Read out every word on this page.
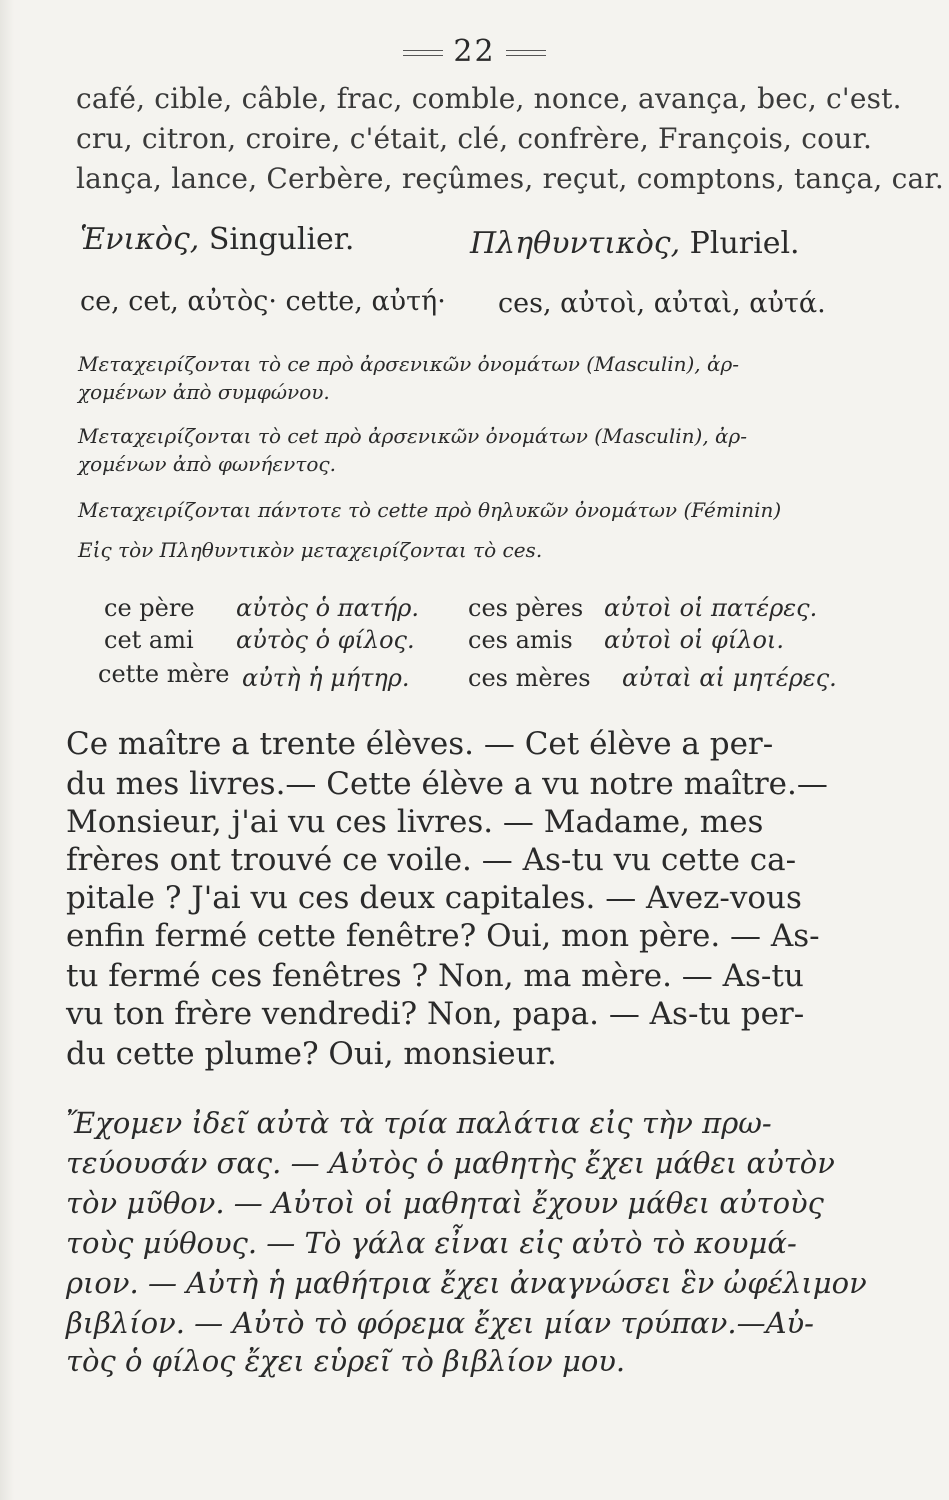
22
café, cible, câble, frac, comble, nonce, avança, bec, c'est.
cru, citron, croire, c'était, clé, confrère, François, cour.
lança, lance, Cerbère, reçûmes, reçut, comptons, tança, car.
Ἑνικὸς, Singulier.	Πληθυντικὸς, Pluriel.
ce, cet, αὐτὸς· cette, αὐτή· ces, αὐτοὶ, αὐταὶ, αὐτά.
Μεταχειρίζονται τὸ ce πρὸ ἀρσενικῶν ὀνομάτων (Masculin), ἀρ-
χομένων ἀπὸ συμφώνου.
Μεταχειρίζονται τὸ cet πρὸ ἀρσενικῶν ὀνομάτων (Masculin), ἀρ-
χομένων ἀπὸ φωνήεντος.
Μεταχειρίζονται πάντοτε τὸ cette πρὸ θηλυκῶν ὀνομάτων (Féminin)
Εἰς τὸν Πληθυντικὸν μεταχειρίζονται τὸ ces.
ce père αὐτὸς ὁ πατήρ. ces pères αὐτοὶ οἱ πατέρες.
cet ami αὐτὸς ὁ φίλος. ces amis αὐτοὶ οἱ φίλοι.
cette mère αὐτὴ ἡ μήτηρ. ces mères αὐταὶ αἱ μητέρες.
Ce maître a trente élèves. — Cet élève a per-
du mes livres.— Cette élève a vu notre maître.—
Monsieur, j'ai vu ces livres. — Madame, mes
frères ont trouvé ce voile. — As-tu vu cette ca-
pitale ? J'ai vu ces deux capitales. — Avez-vous
enfin fermé cette fenêtre? Oui, mon père. — As-
tu fermé ces fenêtres ? Non, ma mère. — As-tu
vu ton frère vendredi? Non, papa. — As-tu per-
du cette plume? Oui, monsieur.
Ἔχομεν ἰδεῖ αὐτὰ τὰ τρία παλάτια εἰς τὴν πρω-
τεύουσάν σας. — Αὐτὸς ὁ μαθητὴς ἔχει μάθει αὐτὸν
τὸν μῦθον. — Αὐτοὶ οἱ μαθηταὶ ἔχουν μάθει αὐτοὺς
τοὺς μύθους. — Τὸ γάλα εἶναι εἰς αὐτὸ τὸ κουμά-
ριον. — Αὐτὴ ἡ μαθήτρια ἔχει ἀναγνώσει ἓν ὠφέλιμον
βιβλίον. — Αὐτὸ τὸ φόρεμα ἔχει μίαν τρύπαν.—Αὐ-
τὸς ὁ φίλος ἔχει εὑρεῖ τὸ βιβλίον μου.
